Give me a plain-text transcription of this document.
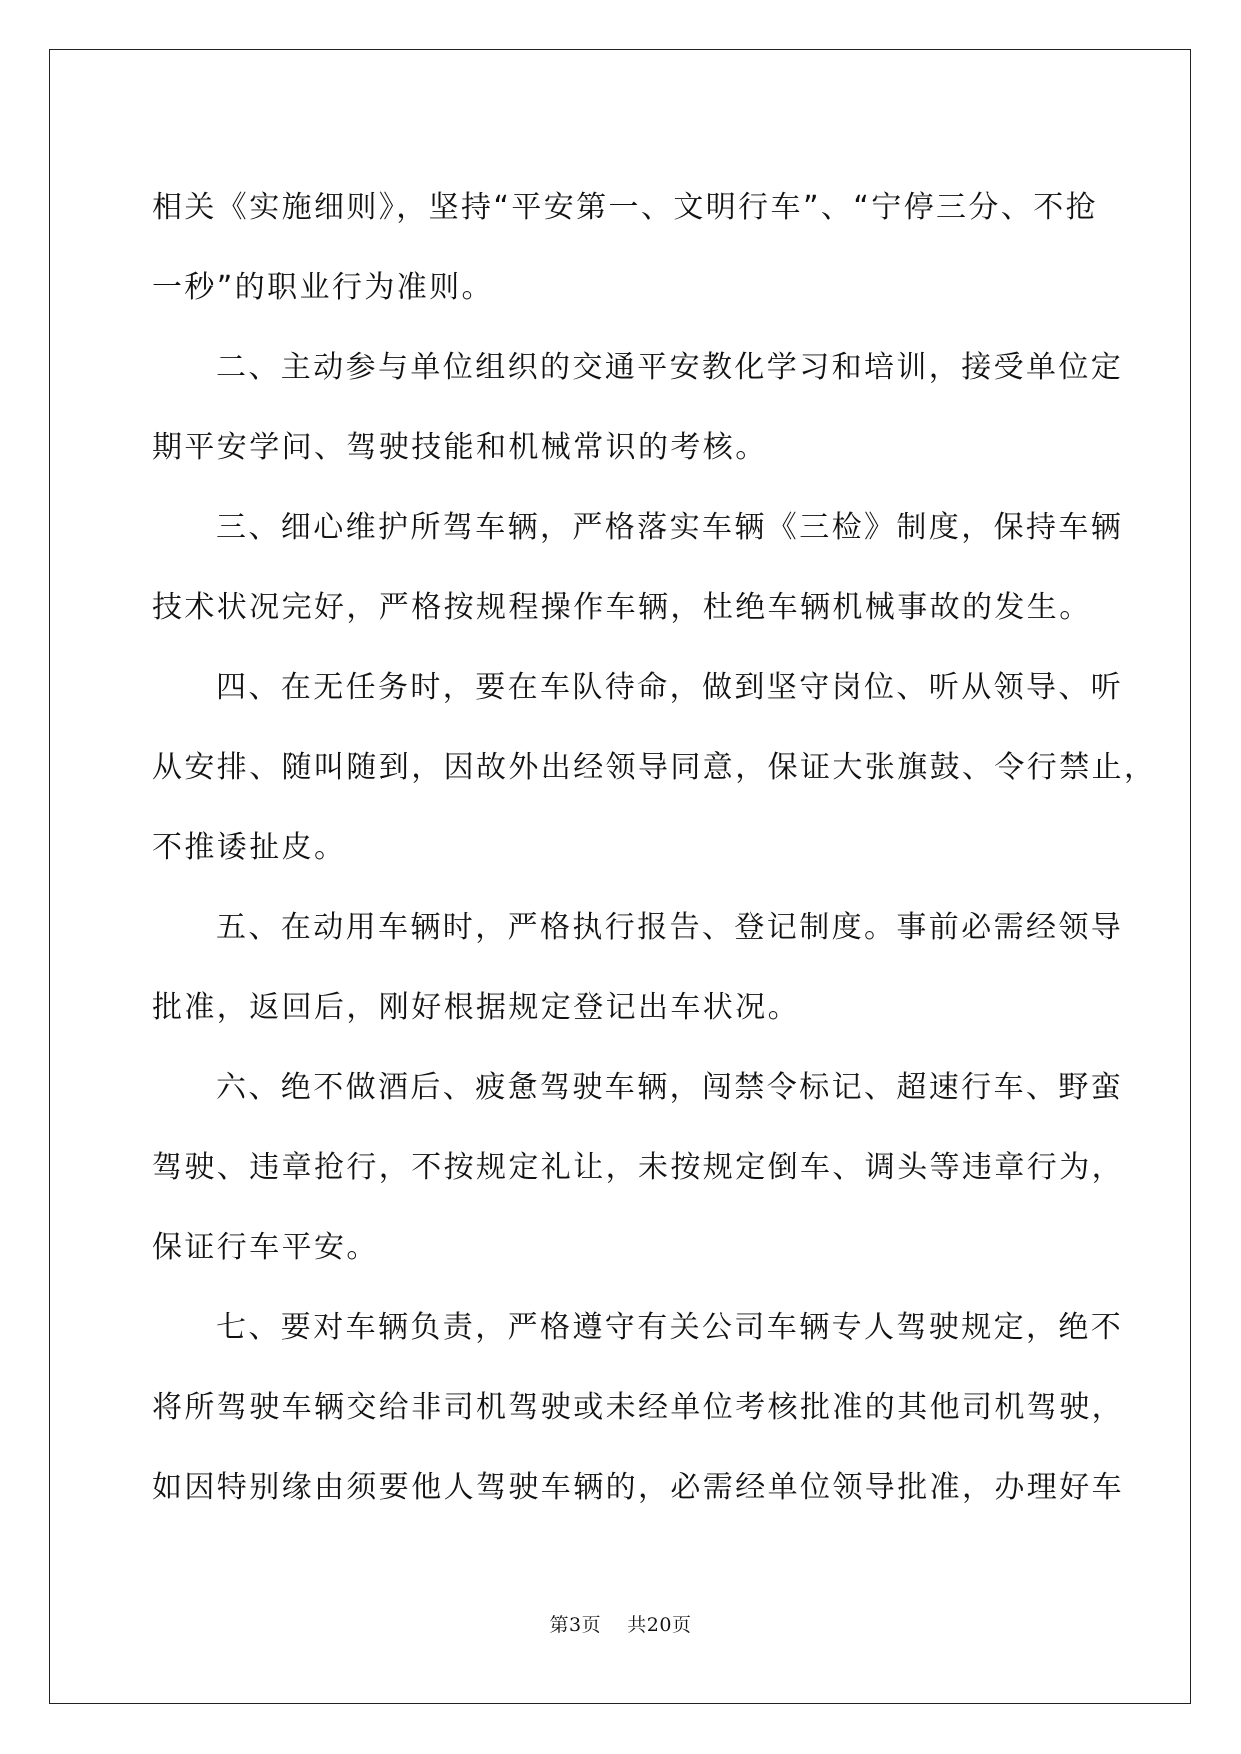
相关《实施细则》，坚持“平安第一、文明行车”、“宁停三分、不抢
一秒”的职业行为准则。
二、主动参与单位组织的交通平安教化学习和培训，接受单位定
期平安学问、驾驶技能和机械常识的考核。
三、细心维护所驾车辆，严格落实车辆《三检》制度，保持车辆
技术状况完好，严格按规程操作车辆，杜绝车辆机械事故的发生。
四、在无任务时，要在车队待命，做到坚守岗位、听从领导、听
从安排、随叫随到，因故外出经领导同意，保证大张旗鼓、令行禁止，
不推诿扯皮。
五、在动用车辆时，严格执行报告、登记制度。事前必需经领导
批准，返回后，刚好根据规定登记出车状况。
六、绝不做酒后、疲惫驾驶车辆，闯禁令标记、超速行车、野蛮
驾驶、违章抢行，不按规定礼让，未按规定倒车、调头等违章行为，
保证行车平安。
七、要对车辆负责，严格遵守有关公司车辆专人驾驶规定，绝不
将所驾驶车辆交给非司机驾驶或未经单位考核批准的其他司机驾驶，
如因特别缘由须要他人驾驶车辆的，必需经单位领导批准，办理好车
第3页 共20页
